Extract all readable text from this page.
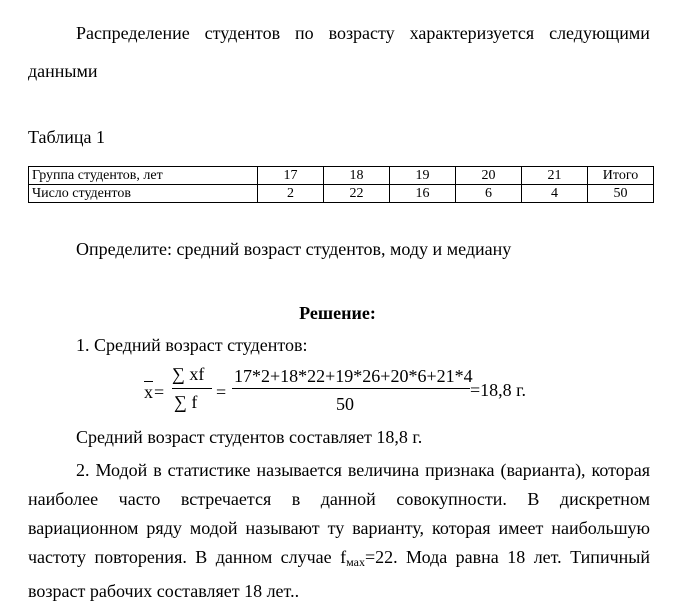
Распределение студентов по возрасту характеризуется следующими
данными
Таблица 1
Группа студентов, лет	17	18	19	20	21	Итого
Число студентов	2	22	16	6	4	50
Определите: средний возраст студентов, моду и медиану
Решение:
1. Средний возраст студентов:
$\overline{x}$ =
∑ xf
∑ f =
17*2+18*22+19*26+20*6+21*4
50
=18,8 г.
Средний возраст студентов составляет 18,8 г.
2. Модой в статистике называется величина признака (варианта), которая наиболее часто встречается в данной совокупности. В дискретном вариационном ряду модой называют ту варианту, которая имеет наибольшую частоту повторения. В данном случае $f_{мах}=22$. Мода равна 18 лет. Типичный возраст рабочих составляет 18 лет..
